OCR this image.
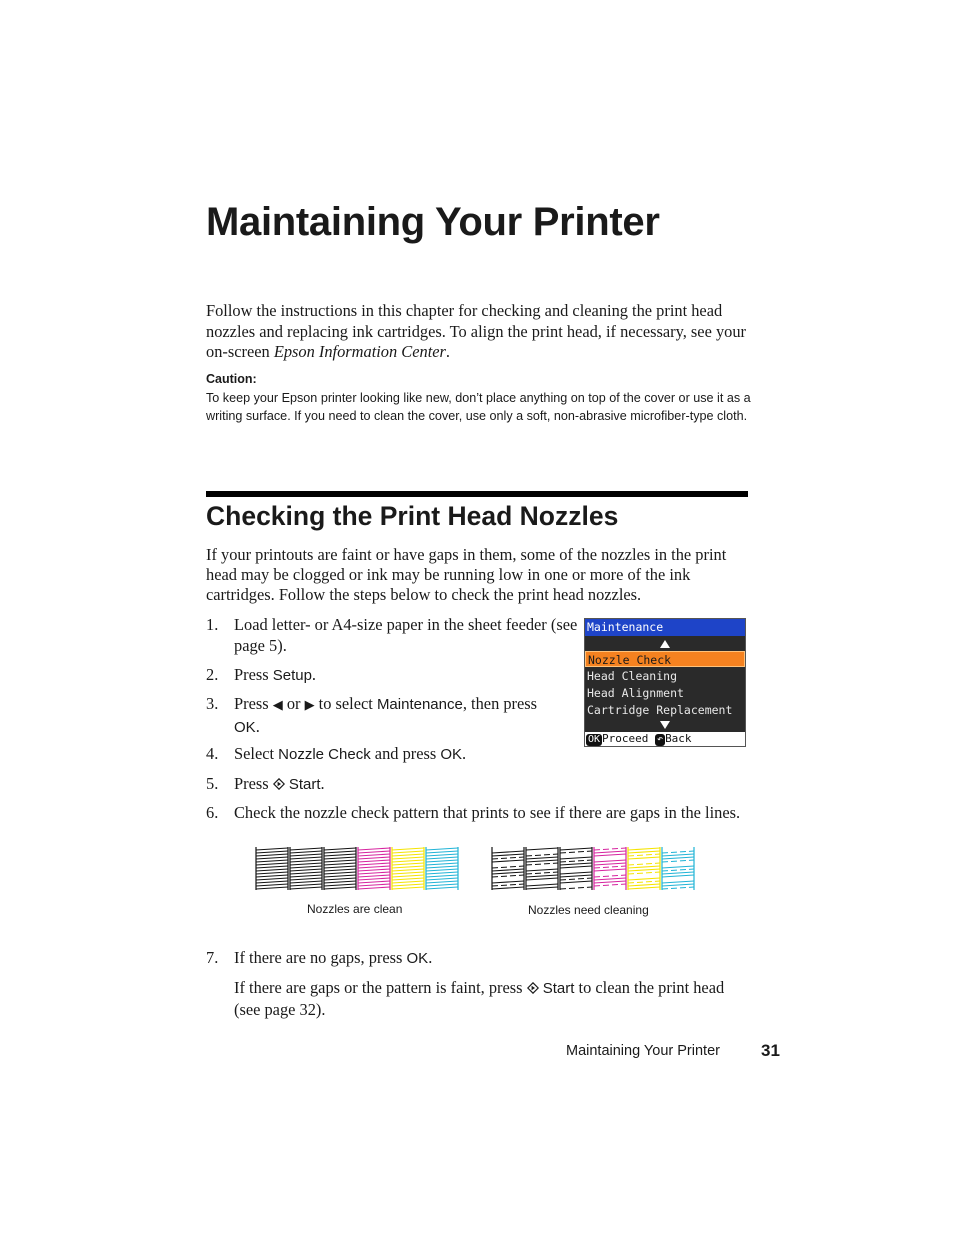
Maintaining Your Printer

Follow the instructions in this chapter for checking and cleaning the print head nozzles and replacing ink cartridges. To align the print head, if necessary, see your on-screen Epson Information Center.

Caution:

To keep your Epson printer looking like new, don’t place anything on top of the cover or use it as a writing surface. If you need to clean the cover, use only a soft, non-abrasive microfiber-type cloth.

Checking the Print Head Nozzles

If your printouts are faint or have gaps in them, some of the nozzles in the print head may be clogged or ink may be running low in one or more of the ink cartridges. Follow the steps below to check the print head nozzles.

1. Load letter- or A4-size paper in the sheet feeder (see
page 5).
2. Press Setup.
3. Press ◀ or ▶ to select Maintenance, then press
OK.
4. Select Nozzle Check and press OK.
5. Press  Start.
6. Check the nozzle check pattern that prints to see if there are gaps in the lines.
Maintenance
Nozzle Check
Head Cleaning
Head Alignment
Cartridge Replacement
OK Proceed ↶ Back
Nozzles are clean	Nozzles need cleaning
7. If there are no gaps, press OK.
If there are gaps or the pattern is faint, press  Start to clean the print head
(see page 32).
Maintaining Your Printer 31
